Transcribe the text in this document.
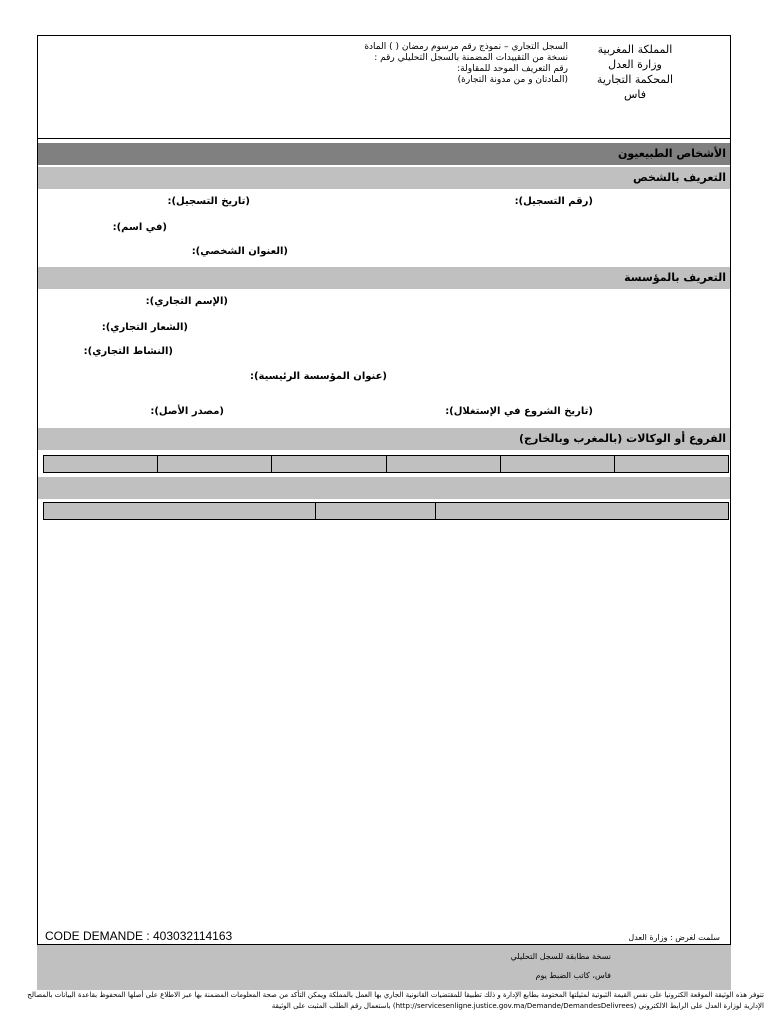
المملكة المغربية
وزارة العدل
المحكمة التجارية
فاس
السجل التجاري – نموذج رقم مرسوم رمضان ( ) المادة
نسخة من التقييدات المضمنة بالسجل التحليلي رقم :
رقم التعريف الموحد للمقاولة:
(المادتان و من مدونة التجارة)
الأشخاص الطبيعيون
التعريف بالشخص
(رقم التسجيل):
(تاريخ التسجيل):
(في اسم):
(العنوان الشخصي):
التعريف بالمؤسسة
(الإسم التجاري):
(الشعار التجاري):
(النشاط التجاري):
(عنوان المؤسسة الرئيسية):
(تاريخ الشروع في الإستغلال):
(مصدر الأصل):
الفروع أو الوكالات (بالمغرب وبالخارج)
CODE DEMANDE : 403032114163	سلمت لغرض : وزارة العدل
نسخة مطابقة للسجل التحليلي
فاس، كاتب الضبط يوم
تتوفر هذه الوثيقة الموقعة الكترونيا على نفس القيمة الثبوتية لمثيلتها المختومة بطابع الإدارة و ذلك تطبيقا للمقتضيات القانونية الجاري بها العمل بالمملكة ويمكن التأكد من صحة المعلومات المضمنة بها عبر الاطلاع على أصلها المحفوظ بقاعدة البيانات بالمصالح
الإدارية لوزارة العدل على الرابط الالكتروني (http://servicesenligne.justice.gov.ma/Demande/DemandesDelivrees) باستعمال رقم الطلب المثبت على الوثيقة
